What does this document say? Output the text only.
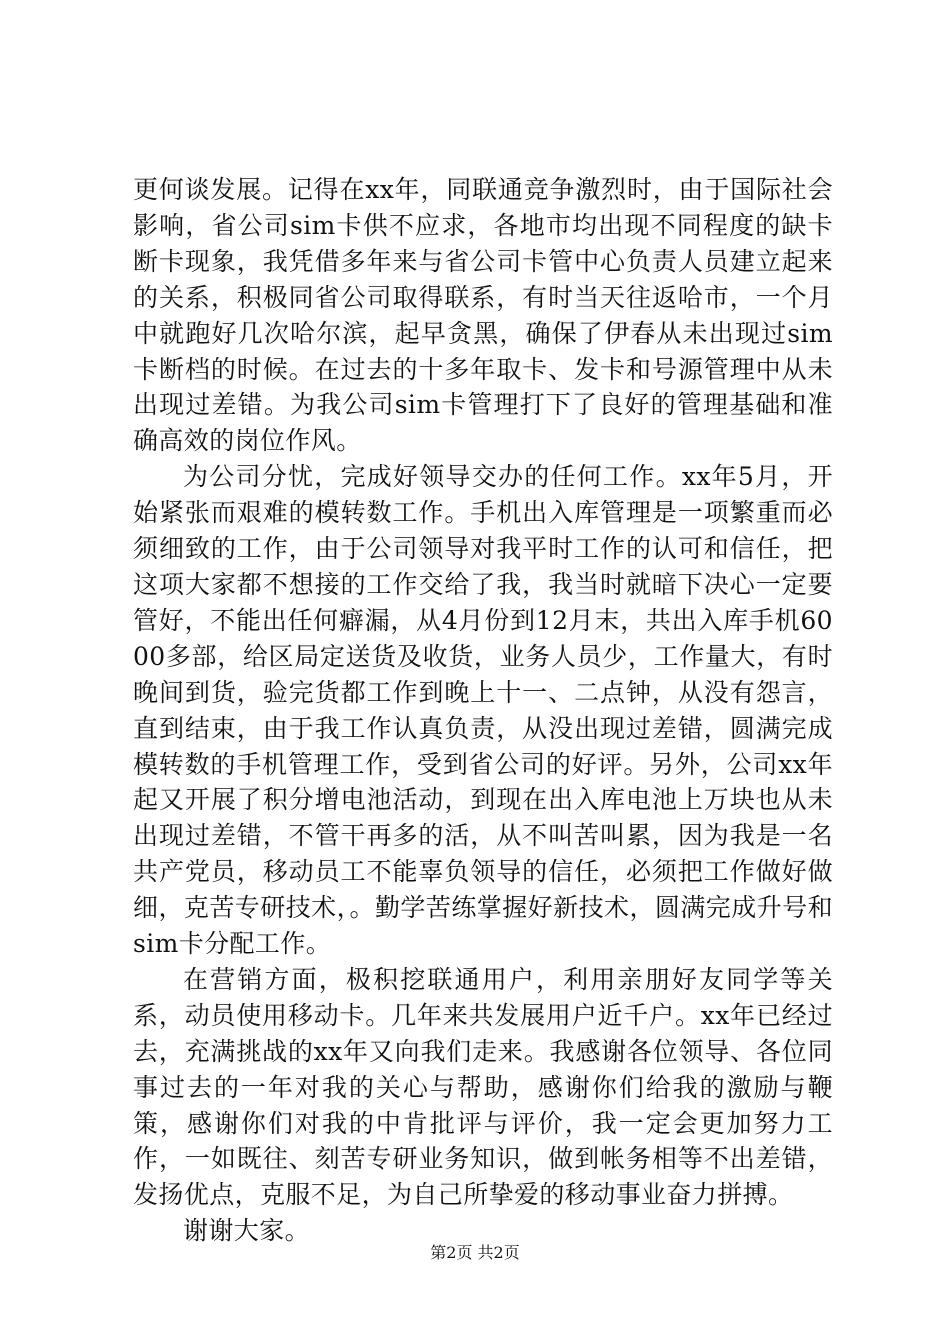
更何谈发展。记得在xx年，同联通竞争激烈时，由于国际社会影响，省公司sim卡供不应求，各地市均出现不同程度的缺卡断卡现象，我凭借多年来与省公司卡管中心负责人员建立起来的关系，积极同省公司取得联系，有时当天往返哈市，一个月中就跑好几次哈尔滨，起早贪黑，确保了伊春从未出现过sim卡断档的时候。在过去的十多年取卡、发卡和号源管理中从未出现过差错。为我公司sim卡管理打下了良好的管理基础和准确高效的岗位作风。

为公司分忧，完成好领导交办的任何工作。xx年5月，开始紧张而艰难的模转数工作。手机出入库管理是一项繁重而必须细致的工作，由于公司领导对我平时工作的认可和信任，把这项大家都不想接的工作交给了我，我当时就暗下决心一定要管好，不能出任何癖漏，从4月份到12月末，共出入库手机6000多部，给区局定送货及收货，业务人员少，工作量大，有时晚间到货，验完货都工作到晚上十一、二点钟，从没有怨言，直到结束，由于我工作认真负责，从没出现过差错，圆满完成模转数的手机管理工作，受到省公司的好评。另外，公司xx年起又开展了积分增电池活动，到现在出入库电池上万块也从未出现过差错，不管干再多的活，从不叫苦叫累，因为我是一名共产党员，移动员工不能辜负领导的信任，必须把工作做好做细，克苦专研技术，。勤学苦练掌握好新技术，圆满完成升号和sim卡分配工作。

在营销方面，极积挖联通用户，利用亲朋好友同学等关系，动员使用移动卡。几年来共发展用户近千户。xx年已经过去，充满挑战的xx年又向我们走来。我感谢各位领导、各位同事过去的一年对我的关心与帮助，感谢你们给我的激励与鞭策，感谢你们对我的中肯批评与评价，我一定会更加努力工作，一如既往、刻苦专研业务知识，做到帐务相等不出差错，发扬优点，克服不足，为自己所挚爱的移动事业奋力拼搏。

谢谢大家。

第2页 共2页
